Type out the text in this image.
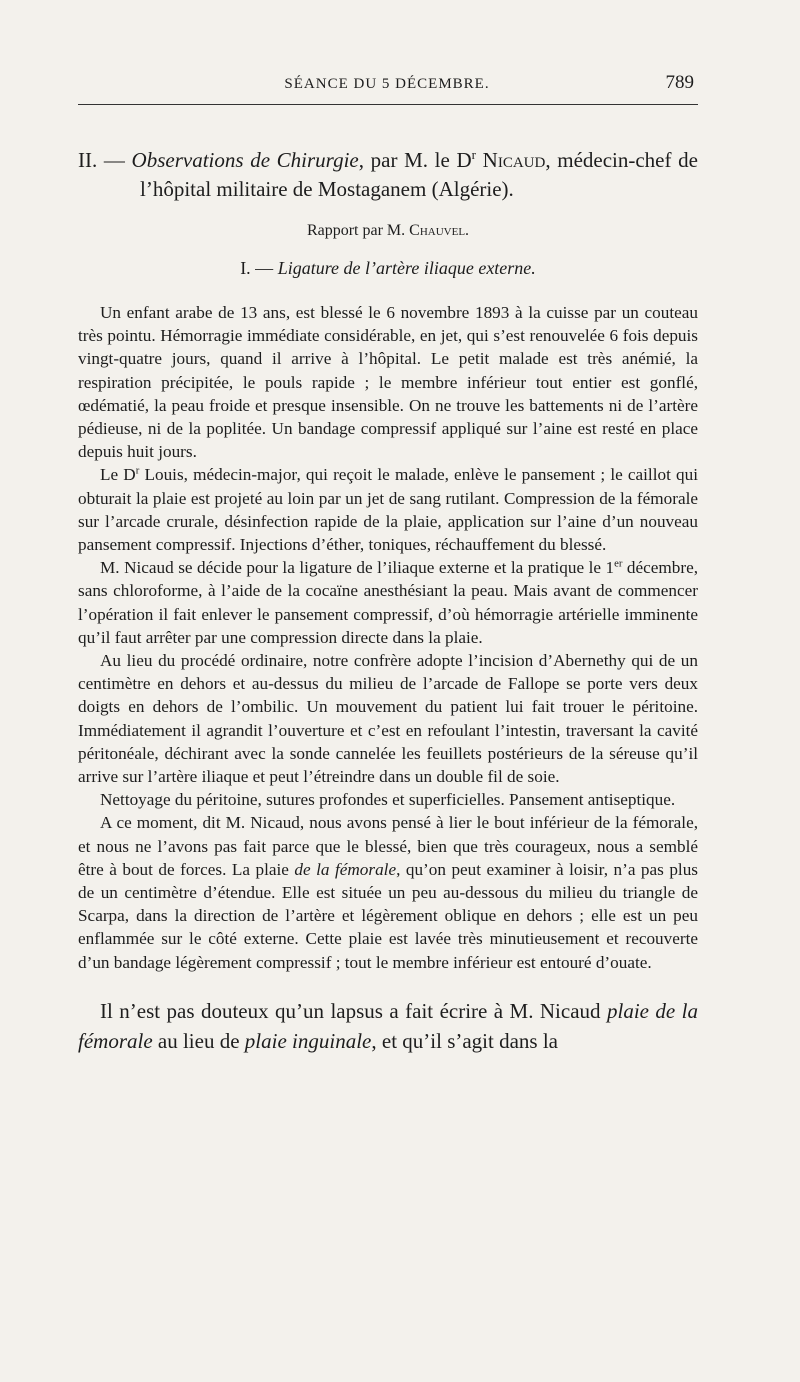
SÉANCE DU 5 DÉCEMBRE.	789
II. — Observations de Chirurgie, par M. le $D^r$ Nicaud, médecin-chef de l’hôpital militaire de Mostaganem (Algérie).
Rapport par M. Chauvel.
I. — Ligature de l’artère iliaque externe.

Un enfant arabe de 13 ans, est blessé le 6 novembre 1893 à la cuisse par un couteau très pointu. Hémorragie immédiate considérable, en jet, qui s’est renouvelée 6 fois depuis vingt-quatre jours, quand il arrive à l’hôpital. Le petit malade est très anémié, la respiration précipitée, le pouls rapide ; le membre inférieur tout entier est gonflé, œdématié, la peau froide et presque insensible. On ne trouve les battements ni de l’artère pédieuse, ni de la poplitée. Un bandage compressif appliqué sur l’aine est resté en place depuis huit jours.

Le $D^r$ Louis, médecin-major, qui reçoit le malade, enlève le pansement ; le caillot qui obturait la plaie est projeté au loin par un jet de sang rutilant. Compression de la fémorale sur l’arcade crurale, désinfection rapide de la plaie, application sur l’aine d’un nouveau pansement compressif. Injections d’éther, toniques, réchauffement du blessé.

M. Nicaud se décide pour la ligature de l’iliaque externe et la pratique le 1er décembre, sans chloroforme, à l’aide de la cocaïne anesthésiant la peau. Mais avant de commencer l’opération il fait enlever le pansement compressif, d’où hémorragie artérielle imminente qu’il faut arrêter par une compression directe dans la plaie.

Au lieu du procédé ordinaire, notre confrère adopte l’incision d’Abernethy qui de un centimètre en dehors et au-dessus du milieu de l’arcade de Fallope se porte vers deux doigts en dehors de l’ombilic. Un mouvement du patient lui fait trouer le péritoine. Immédiatement il agrandit l’ouverture et c’est en refoulant l’intestin, traversant la cavité péritonéale, déchirant avec la sonde cannelée les feuillets postérieurs de la séreuse qu’il arrive sur l’artère iliaque et peut l’étreindre dans un double fil de soie.

Nettoyage du péritoine, sutures profondes et superficielles. Pansement antiseptique.

A ce moment, dit M. Nicaud, nous avons pensé à lier le bout inférieur de la fémorale, et nous ne l’avons pas fait parce que le blessé, bien que très courageux, nous a semblé être à bout de forces. La plaie de la fémorale, qu’on peut examiner à loisir, n’a pas plus de un centimètre d’étendue. Elle est située un peu au-dessous du milieu du triangle de Scarpa, dans la direction de l’artère et légèrement oblique en dehors ; elle est un peu enflammée sur le côté externe. Cette plaie est lavée très minutieusement et recouverte d’un bandage légèrement compressif ; tout le membre inférieur est entouré d’ouate.

Il n’est pas douteux qu’un lapsus a fait écrire à M. Nicaud plaie de la fémorale au lieu de plaie inguinale, et qu’il s’agit dans la
